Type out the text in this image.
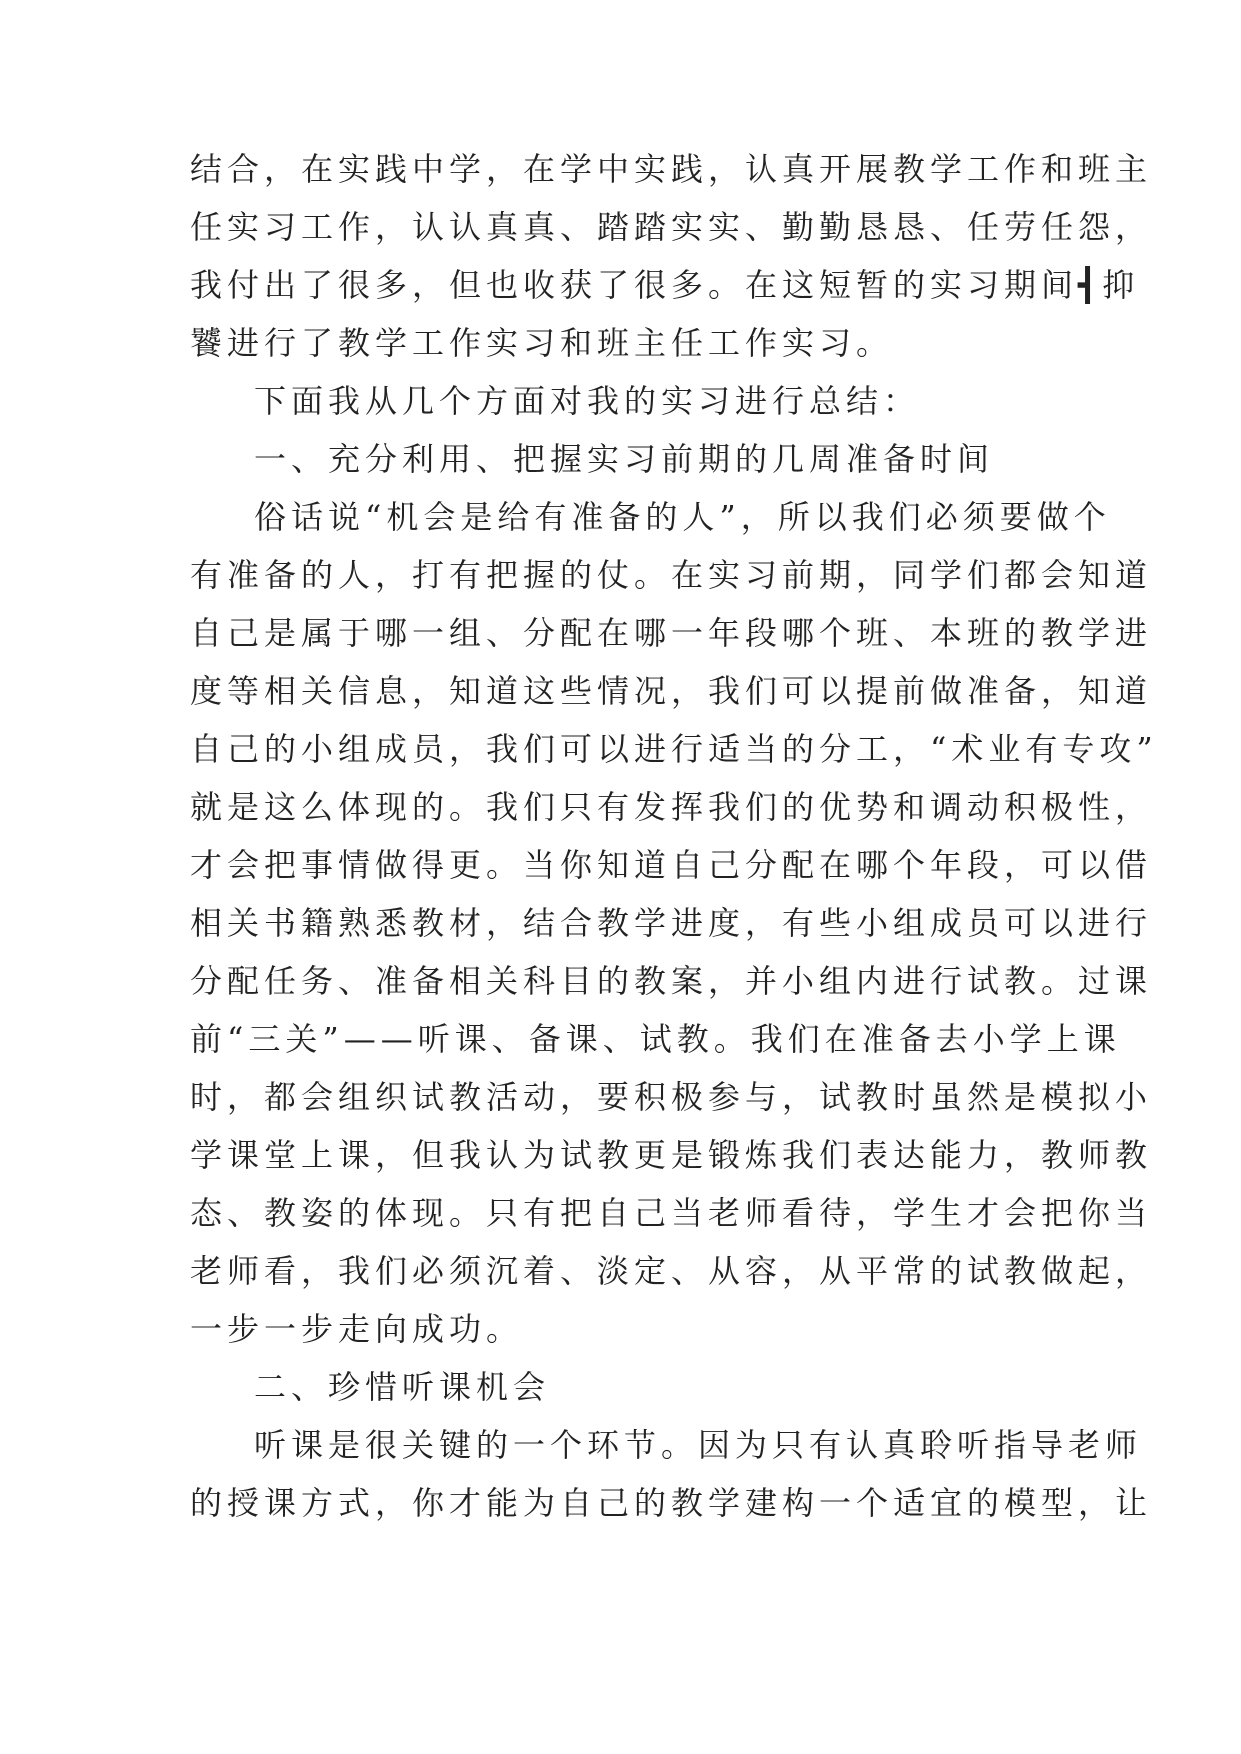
结合，在实践中学，在学中实践，认真开展教学工作和班主
任实习工作，认认真真、踏踏实实、勤勤恳恳、任劳任怨，
我付出了很多，但也收获了很多。在这短暂的实习期间┫抑
饕进行了教学工作实习和班主任工作实习。
下面我从几个方面对我的实习进行总结：
一、充分利用、把握实习前期的几周准备时间
俗话说“机会是给有准备的人”，所以我们必须要做个
有准备的人，打有把握的仗。在实习前期，同学们都会知道
自己是属于哪一组、分配在哪一年段哪个班、本班的教学进
度等相关信息，知道这些情况，我们可以提前做准备，知道
自己的小组成员，我们可以进行适当的分工，“术业有专攻”
就是这么体现的。我们只有发挥我们的优势和调动积极性，
才会把事情做得更。当你知道自己分配在哪个年段，可以借
相关书籍熟悉教材，结合教学进度，有些小组成员可以进行
分配任务、准备相关科目的教案，并小组内进行试教。过课
前“三关”——听课、备课、试教。我们在准备去小学上课
时，都会组织试教活动，要积极参与，试教时虽然是模拟小
学课堂上课，但我认为试教更是锻炼我们表达能力，教师教
态、教姿的体现。只有把自己当老师看待，学生才会把你当
老师看，我们必须沉着、淡定、从容，从平常的试教做起，
一步一步走向成功。
二、珍惜听课机会
听课是很关键的一个环节。因为只有认真聆听指导老师
的授课方式，你才能为自己的教学建构一个适宜的模型，让
